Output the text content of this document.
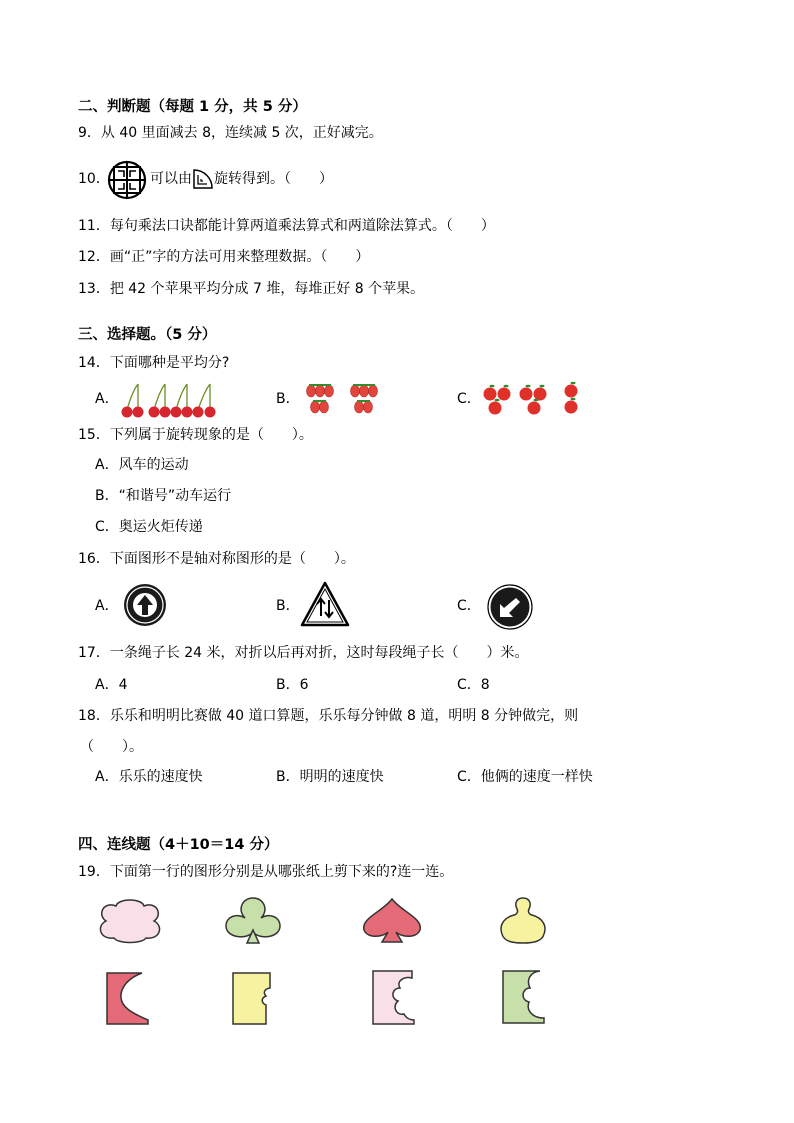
二、判断题（每题 1 分，共 5 分）
9．从 40 里面减去 8，连续减 5 次，正好减完。
10．	可以由 旋转得到。（　　）
11．每句乘法口诀都能计算两道乘法算式和两道除法算式。（　　）
12．画“正”字的方法可用来整理数据。（　　）
13．把 42 个苹果平均分成 7 堆，每堆正好 8 个苹果。
三、选择题。（5 分）
14．下面哪种是平均分?
A．	B．	C．
15．下列属于旋转现象的是（　　）。
A．风车的运动
B．“和谐号”动车运行
C．奥运火炬传递
16．下面图形不是轴对称图形的是（　　）。
A．	B．	C．
17．一条绳子长 24 米，对折以后再对折，这时每段绳子长（　　）米。
A．4	B．6	C．8
18．乐乐和明明比赛做 40 道口算题，乐乐每分钟做 8 道，明明 8 分钟做完，则
（　　）。
A．乐乐的速度快	B．明明的速度快	C．他俩的速度一样快
四、连线题（4＋10＝14 分）
19．下面第一行的图形分别是从哪张纸上剪下来的?连一连。
